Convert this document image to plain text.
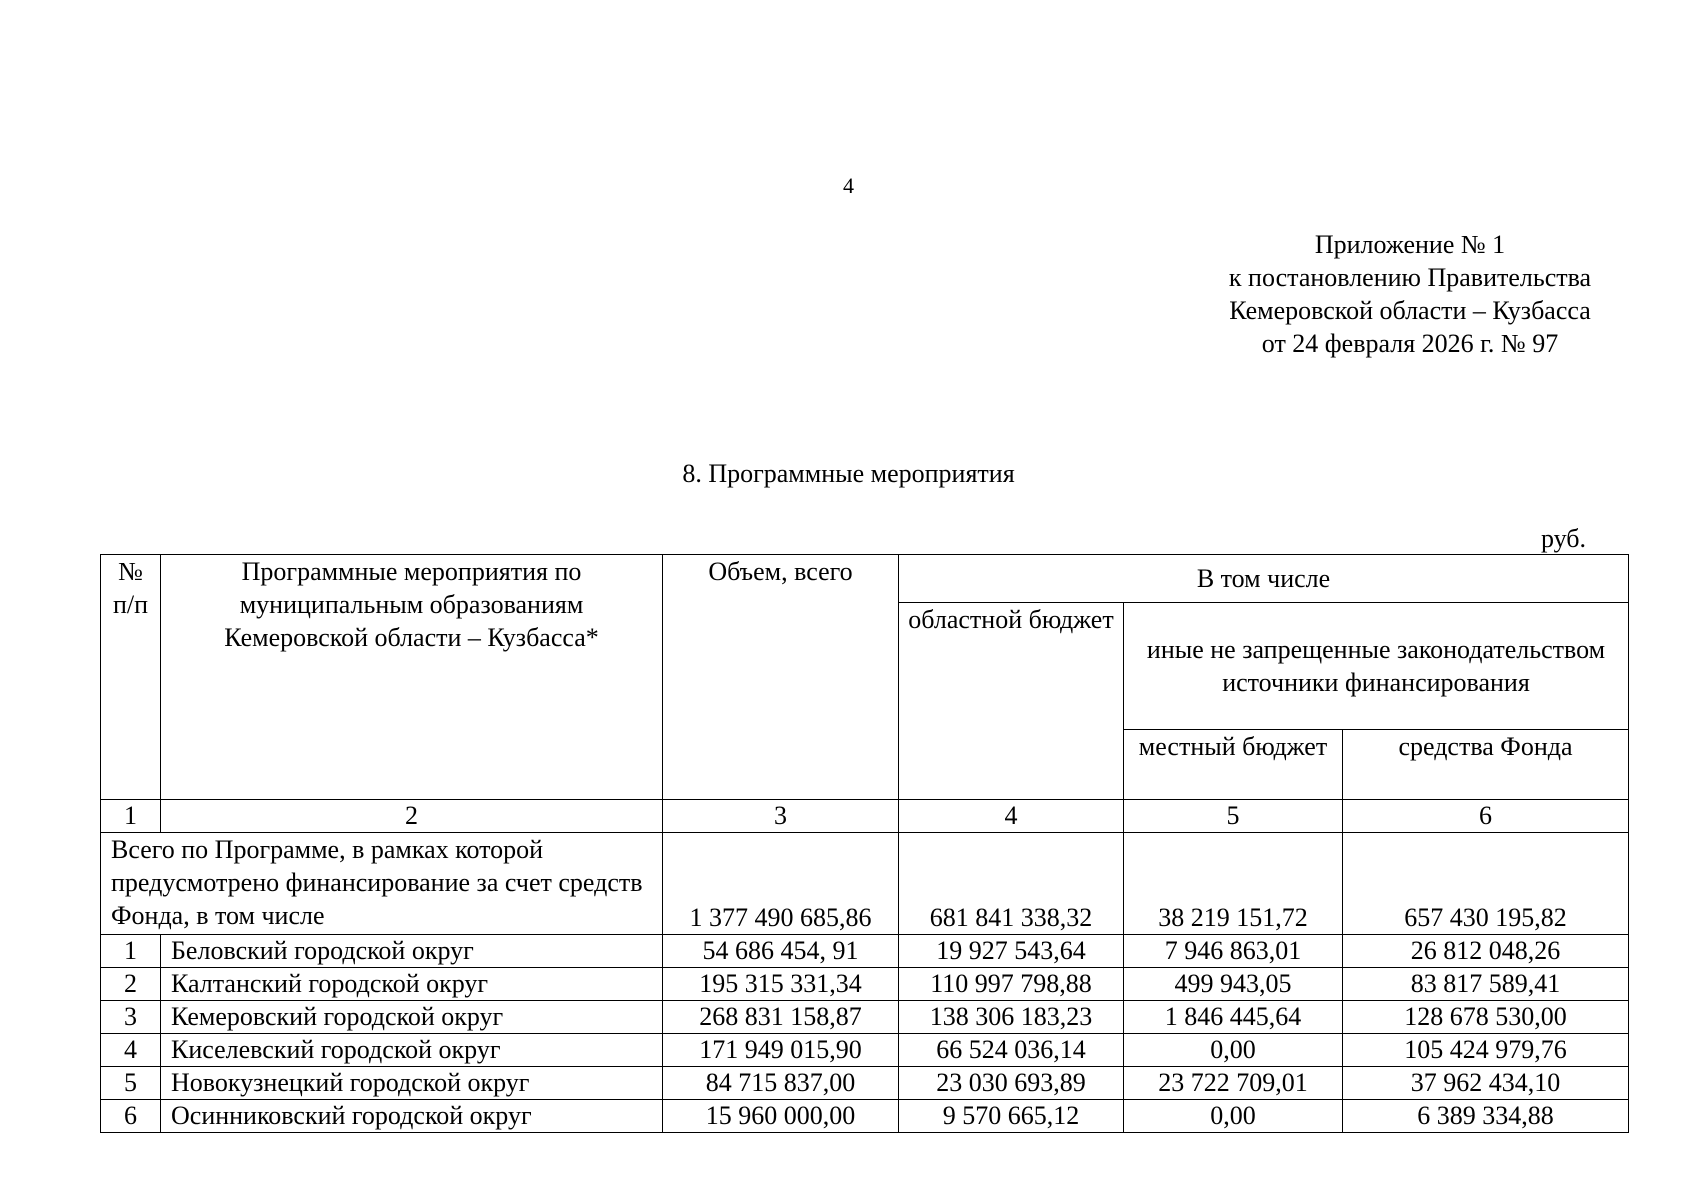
4
Приложение № 1
к постановлению Правительства
Кемеровской области – Кузбасса
от 24 февраля 2026 г. № 97
8. Программные мероприятия
руб.
№ п/п	Программные мероприятия по муниципальным образованиям Кемеровской области – Кузбасса*	Объем, всего	В том числе		
			областной бюджет	иные не запрещенные законодательством источники финансирования	
				местный бюджет	средства Фонда
1	2	3	4	5	6
Всего по Программе, в рамках которой предусмотрено финансирование за счет средств Фонда, в том числе		1 377 490 685,86	681 841 338,32	38 219 151,72	657 430 195,82
1	Беловский городской округ	54 686 454, 91	19 927 543,64	7 946 863,01	26 812 048,26
2	Калтанский городской округ	195 315 331,34	110 997 798,88	499 943,05	83 817 589,41
3	Кемеровский городской округ	268 831 158,87	138 306 183,23	1 846 445,64	128 678 530,00
4	Киселевский городской округ	171 949 015,90	66 524 036,14	0,00	105 424 979,76
5	Новокузнецкий городской округ	84 715 837,00	23 030 693,89	23 722 709,01	37 962 434,10
6	Осинниковский городской округ	15 960 000,00	9 570 665,12	0,00	6 389 334,88
